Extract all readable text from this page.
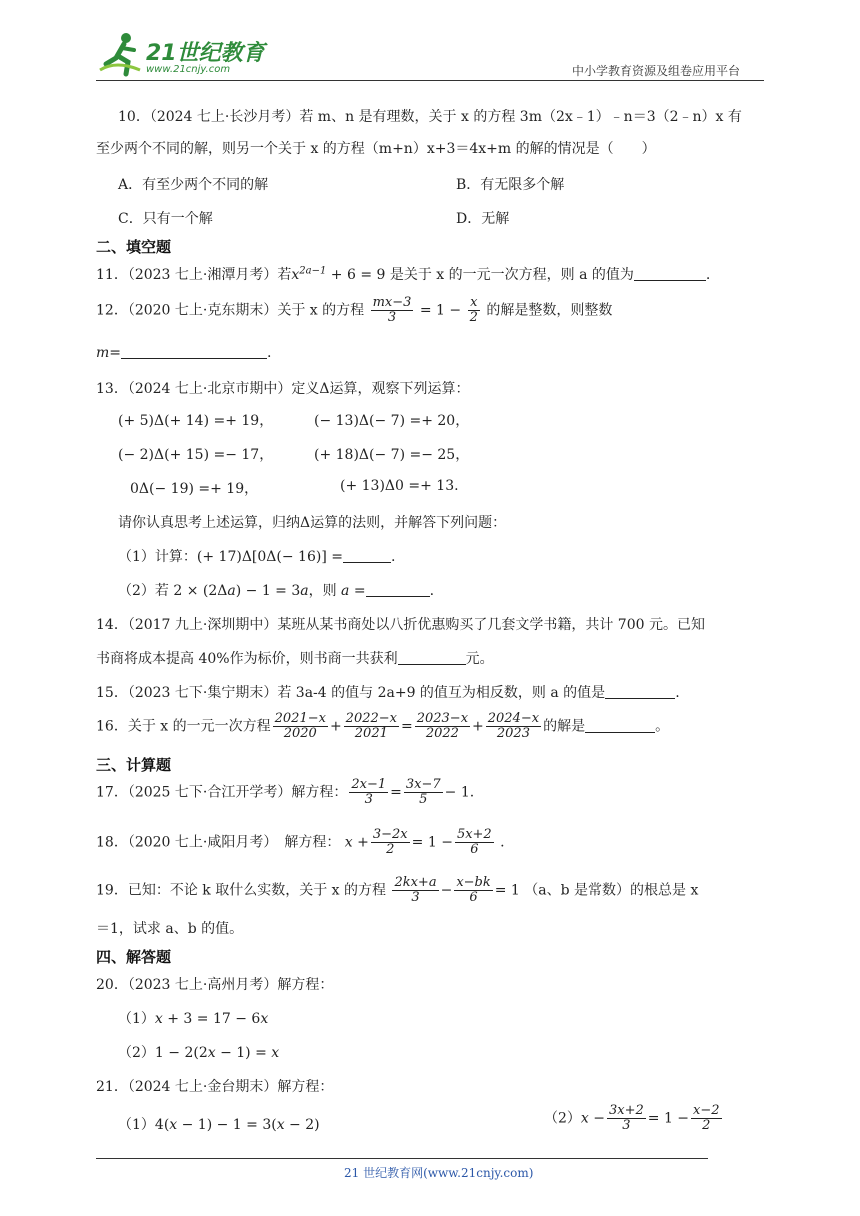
21世纪教育
www.21cnjy.com	中小学教育资源及组卷应用平台
10．（2024 七上·长沙月考）若 m、n 是有理数，关于 x 的方程 3m（2x﹣1）﹣n＝3（2﹣n）x 有
至少两个不同的解，则另一个关于 x 的方程（m+n）x+3＝4x+m 的解的情况是（　　）
A．有至少两个不同的解	B．有无限多个解
C．只有一个解	D．无解
二、填空题
11．（2023 七上·湘潭月考）若$x^{2a-1} + 6 = 9$ 是关于 x 的一元一次方程，则 a 的值为	.
12．（2020 七上·克东期末）关于 x 的方程 $\frac{mx-3}{3} = 1 - \frac{x}{2}$ 的解是整数，则整数
m=	.
13．（2024 七上·北京市期中）定义Δ运算，观察下列运算：
(+ 5)Δ(+ 14) =+ 19，	(− 13)Δ(− 7) =+ 20，
(− 2)Δ(+ 15) =− 17，	(+ 18)Δ(− 7) =− 25，
0Δ(− 19) =+ 19，	(+ 13)Δ0 =+ 13.
请你认真思考上述运算，归纳Δ运算的法则，并解答下列问题：
（1）计算：(+ 17)Δ[0Δ(− 16)] =	.
（2）若 2 × (2Δ𝑎) − 1 = 3𝑎，则 𝑎 =	.
14．（2017 九上·深圳期中）某班从某书商处以八折优惠购买了几套文学书籍，共计 700 元。已知
书商将成本提高 40%作为标价，则书商一共获利	元。
15．（2023 七下·集宁期末）若 3a-4 的值与 2a+9 的值互为相反数，则 a 的值是	.
16．关于 x 的一元一次方程 $\frac{2021-x}{2020} + \frac{2022-x}{2021} = \frac{2023-x}{2022} + \frac{2024-x}{2023}$ 的解是	。
三、计算题
17．（2025 七下·合江开学考）解方程： $\frac{2x-1}{3} = \frac{3x-7}{5} - 1$.
18．（2020 七上·咸阳月考）　解方程： $x + \frac{3-2x}{2} = 1 - \frac{5x+2}{6}$ .
19．已知：不论 k 取什么实数，关于 x 的方程 $\frac{2kx+a}{3} - \frac{x-bk}{6} = 1$ （a、b 是常数）的根总是 x
＝1，试求 a、b 的值。
四、解答题
20．（2023 七上·高州月考）解方程：
（1）𝑥 + 3 = 17 − 6𝑥
（2）1 − 2(2𝑥 − 1) = 𝑥
21．（2024 七上·金台期末）解方程：
（1）4(𝑥 − 1) − 1 = 3(𝑥 − 2)	（2）𝑥 − $\frac{3x+2}{3} = 1 - \frac{x-2}{2}$
21 世纪教育网(www.21cnjy.com)
